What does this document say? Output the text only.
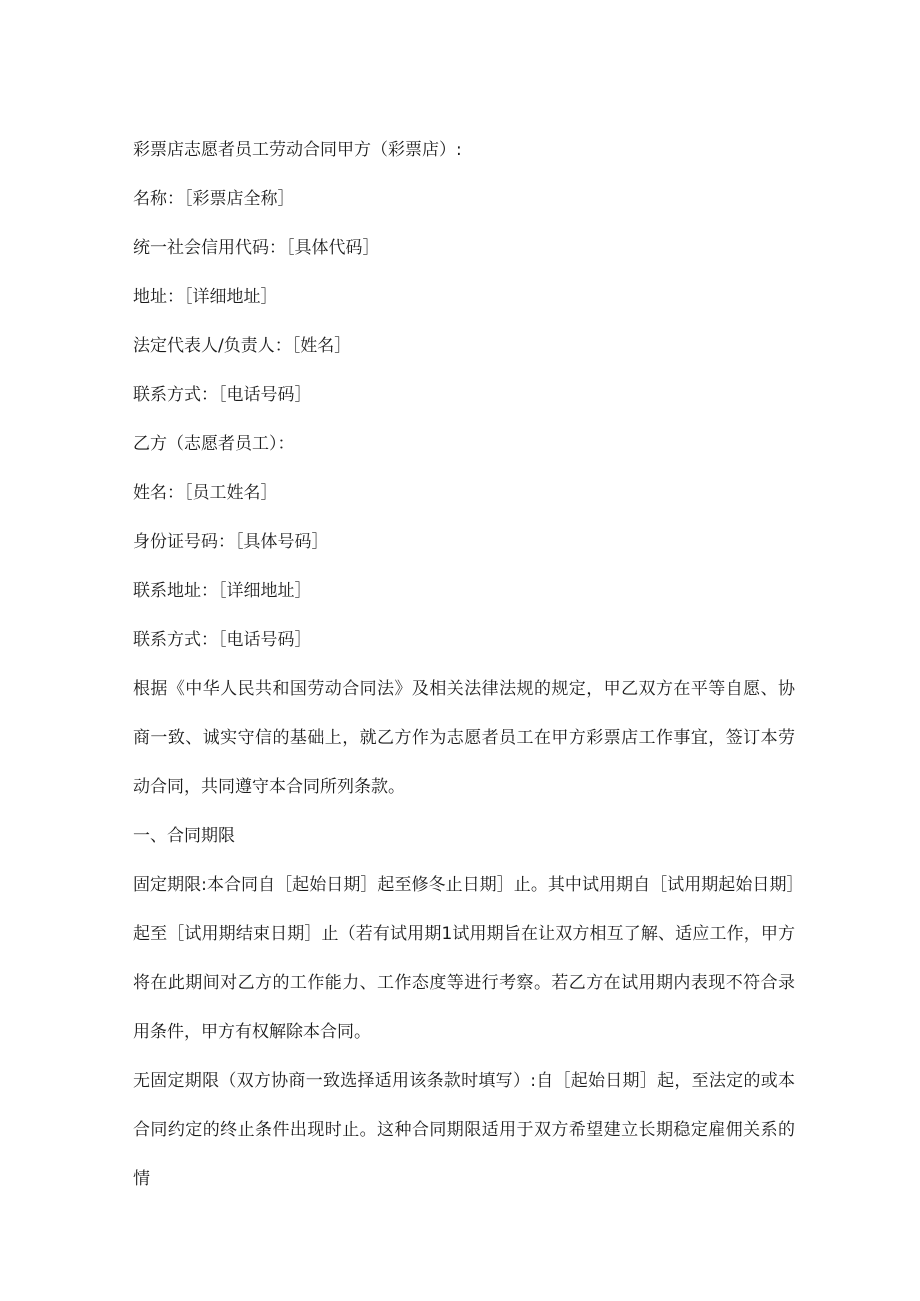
彩票店志愿者员工劳动合同甲方（彩票店）:
名称：［彩票店全称］
统一社会信用代码：［具体代码］
地址：［详细地址］
法定代表人/负责人：［姓名］
联系方式：［电话号码］
乙方（志愿者员工）：
姓名：［员工姓名］
身份证号码：［具体号码］
联系地址：［详细地址］
联系方式：［电话号码］
根据《中华人民共和国劳动合同法》及相关法律法规的规定，甲乙双方在平等自愿、协商一致、诚实守信的基础上，就乙方作为志愿者员工在甲方彩票店工作事宜，签订本劳动合同，共同遵守本合同所列条款。
一、合同期限
固定期限:本合同自［起始日期］起至修冬止日期］止。其中试用期自［试用期起始日期］起至［试用期结束日期］止（若有试用期1试用期旨在让双方相互了解、适应工作，甲方将在此期间对乙方的工作能力、工作态度等进行考察。若乙方在试用期内表现不符合录用条件，甲方有权解除本合同。
无固定期限（双方协商一致选择适用该条款时填写）:自［起始日期］起，至法定的或本合同约定的终止条件出现时止。这种合同期限适用于双方希望建立长期稳定雇佣关系的情
